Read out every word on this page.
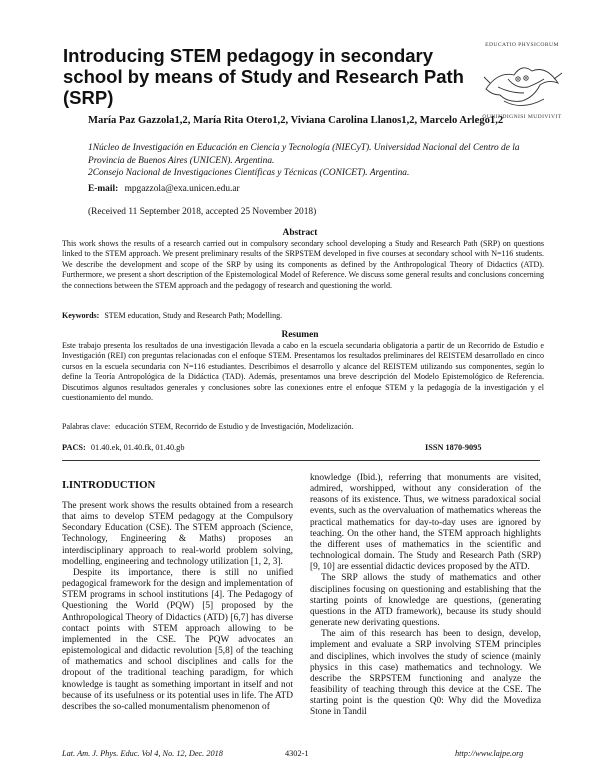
Introducing STEM pedagogy in secondary school by means of Study and Research Path (SRP)
EDUCATIO PHYSICORUM
OUNINDIGNISI MUDIVIVIT
María Paz Gazzola1,2, María Rita Otero1,2, Viviana Carolina Llanos1,2, Marcelo Arlego1,2
1Núcleo de Investigación en Educación en Ciencia y Tecnología (NIECyT). Universidad Nacional del Centro de la Provincia de Buenos Aires (UNICEN). Argentina.
2Consejo Nacional de Investigaciones Científicas y Técnicas (CONICET). Argentina.
E-mail: mpgazzola@exa.unicen.edu.ar
(Received 11 September 2018, accepted 25 November 2018)
Abstract
This work shows the results of a research carried out in compulsory secondary school developing a Study and Research Path (SRP) on questions linked to the STEM approach. We present preliminary results of the SRPSTEM developed in five courses at secondary school with N=116 students. We describe the development and scope of the SRP by using its components as defined by the Anthropological Theory of Didactics (ATD). Furthermore, we present a short description of the Epistemological Model of Reference. We discuss some general results and conclusions concerning the connections between the STEM approach and the pedagogy of research and questioning the world.
Keywords: STEM education, Study and Research Path; Modelling.
Resumen
Este trabajo presenta los resultados de una investigación llevada a cabo en la escuela secundaria obligatoria a partir de un Recorrido de Estudio e Investigación (REI) con preguntas relacionadas con el enfoque STEM. Presentamos los resultados preliminares del REISTEM desarrollado en cinco cursos en la escuela secundaria con N=116 estudiantes. Describimos el desarrollo y alcance del REISTEM utilizando sus componentes, según lo define la Teoría Antropológica de la Didáctica (TAD). Además, presentamos una breve descripción del Modelo Epistemológico de Referencia. Discutimos algunos resultados generales y conclusiones sobre las conexiones entre el enfoque STEM y la pedagogía de la investigación y el cuestionamiento del mundo.
Palabras clave: educación STEM, Recorrido de Estudio y de Investigación, Modelización.
PACS: 01.40.ek, 01.40.fk, 01.40.gb	ISSN 1870-9095
I.INTRODUCTION

The present work shows the results obtained from a research that aims to develop STEM pedagogy at the Compulsory Secondary Education (CSE). The STEM approach (Science, Technology, Engineering & Maths) proposes an interdisciplinary approach to real-world problem solving, modelling, engineering and technology utilization [1, 2, 3].

Despite its importance, there is still no unified pedagogical framework for the design and implementation of STEM programs in school institutions [4]. The Pedagogy of Questioning the World (PQW) [5] proposed by the Anthropological Theory of Didactics (ATD) [6,7] has diverse contact points with STEM approach allowing to be implemented in the CSE. The PQW advocates an epistemological and didactic revolution [5,8] of the teaching of mathematics and school disciplines and calls for the dropout of the traditional teaching paradigm, for which knowledge is taught as something important in itself and not because of its usefulness or its potential uses in life. The ATD describes the so-called monumentalism phenomenon of

knowledge (Ibid.), referring that monuments are visited, admired, worshipped, without any consideration of the reasons of its existence. Thus, we witness paradoxical social events, such as the overvaluation of mathematics whereas the practical mathematics for day-to-day uses are ignored by teaching. On the other hand, the STEM approach highlights the different uses of mathematics in the scientific and technological domain. The Study and Research Path (SRP) [9, 10] are essential didactic devices proposed by the ATD.

The SRP allows the study of mathematics and other disciplines focusing on questioning and establishing that the starting points of knowledge are questions, (generating questions in the ATD framework), because its study should generate new derivating questions.

The aim of this research has been to design, develop, implement and evaluate a SRP involving STEM principles and disciplines, which involves the study of science (mainly physics in this case) mathematics and technology. We describe the SRPSTEM functioning and analyze the feasibility of teaching through this device at the CSE. The starting point is the question Q0: Why did the Movediza Stone in Tandil

Lat. Am. J. Phys. Educ. Vol 4, No. 12, Dec. 2018	4302-1	http://www.lajpe.org
